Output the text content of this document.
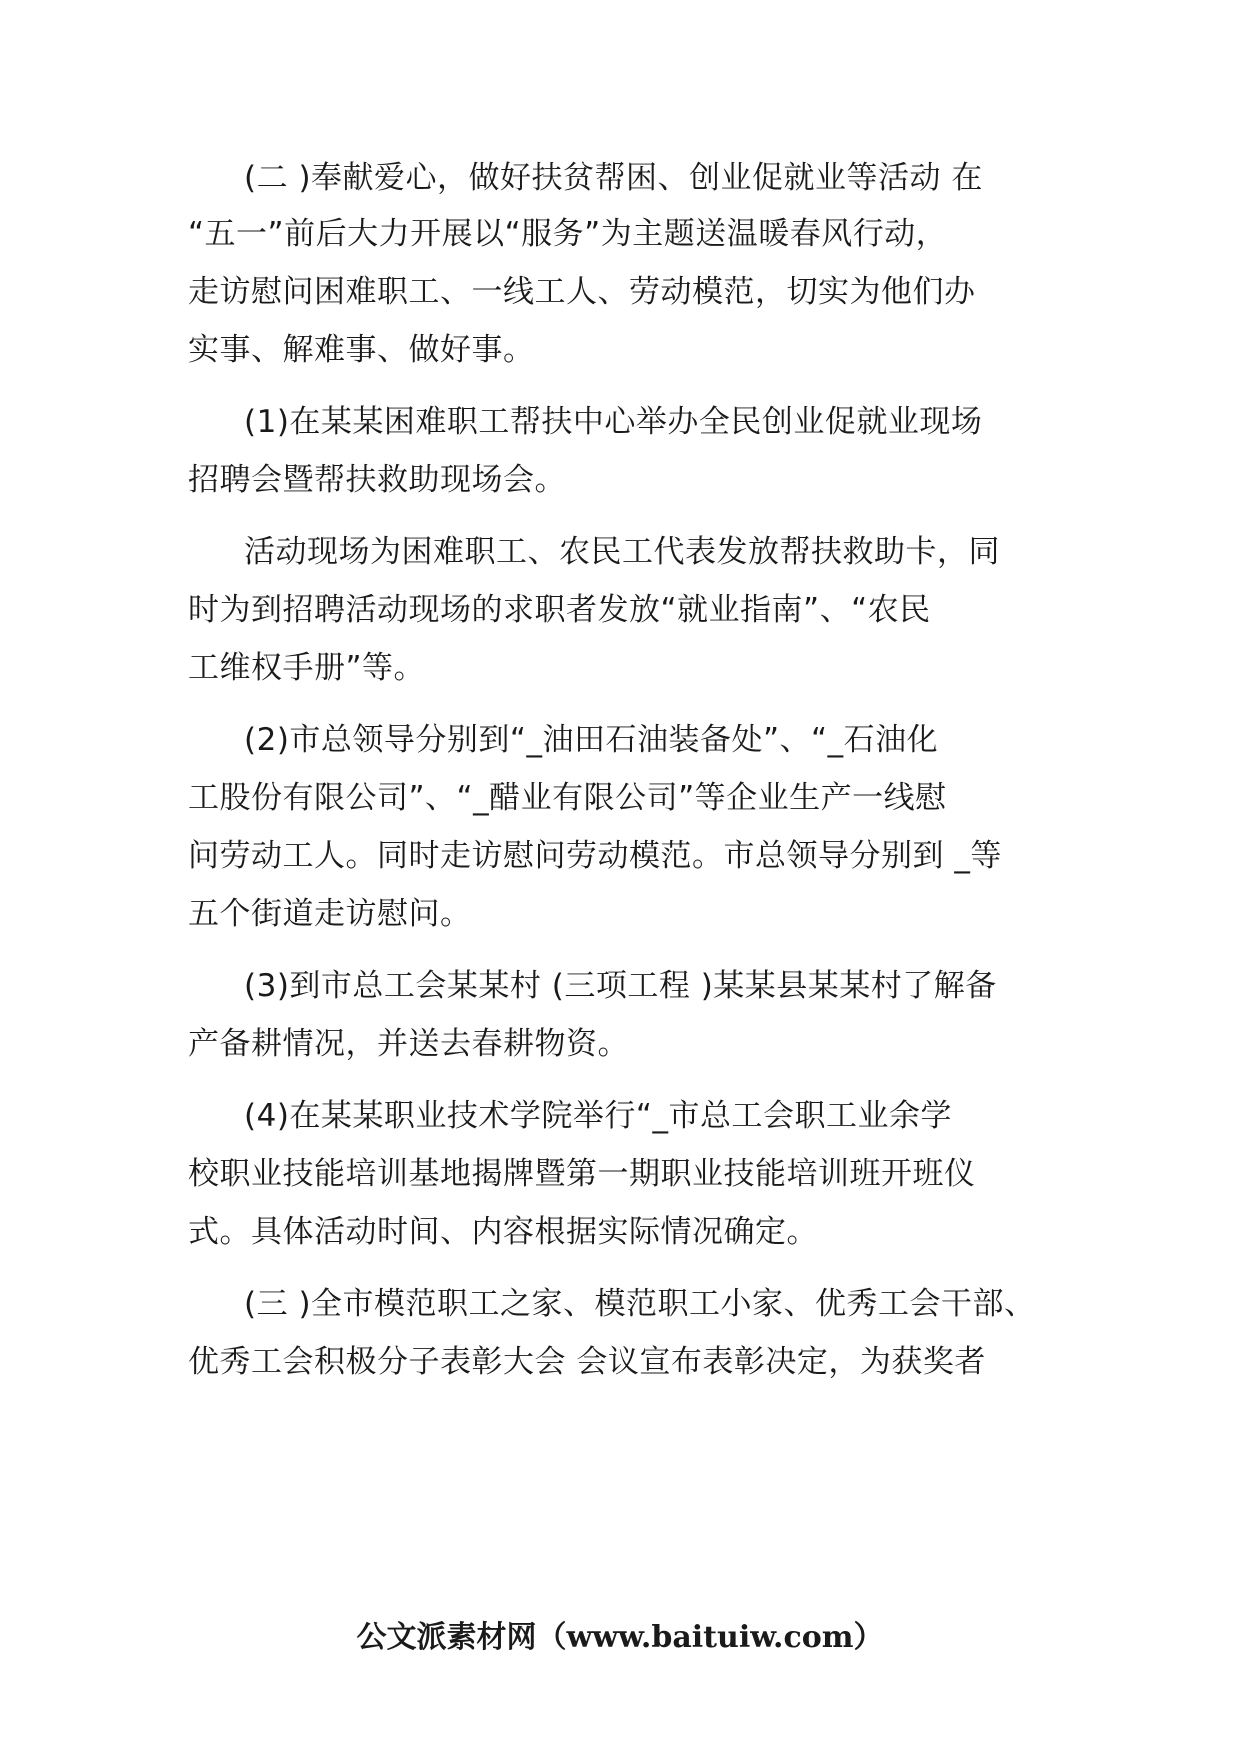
(二 )奉献爱心，做好扶贫帮困、创业促就业等活动 在
“五一”前后大力开展以“服务”为主题送温暖春风行动，
走访慰问困难职工、一线工人、劳动模范，切实为他们办
实事、解难事、做好事。
(1)在某某困难职工帮扶中心举办全民创业促就业现场
招聘会暨帮扶救助现场会。
活动现场为困难职工、农民工代表发放帮扶救助卡，同
时为到招聘活动现场的求职者发放“就业指南”、“农民
工维权手册”等。
(2)市总领导分别到“_油田石油装备处”、“_石油化
工股份有限公司”、“_醋业有限公司”等企业生产一线慰
问劳动工人。同时走访慰问劳动模范。市总领导分别到 _等
五个街道走访慰问。
(3)到市总工会某某村 (三项工程 )某某县某某村了解备
产备耕情况，并送去春耕物资。
(4)在某某职业技术学院举行“_市总工会职工业余学
校职业技能培训基地揭牌暨第一期职业技能培训班开班仪
式。具体活动时间、内容根据实际情况确定。
(三 )全市模范职工之家、模范职工小家、优秀工会干部、
优秀工会积极分子表彰大会 会议宣布表彰决定，为获奖者
公文派素材网（www.baituiw.com）
